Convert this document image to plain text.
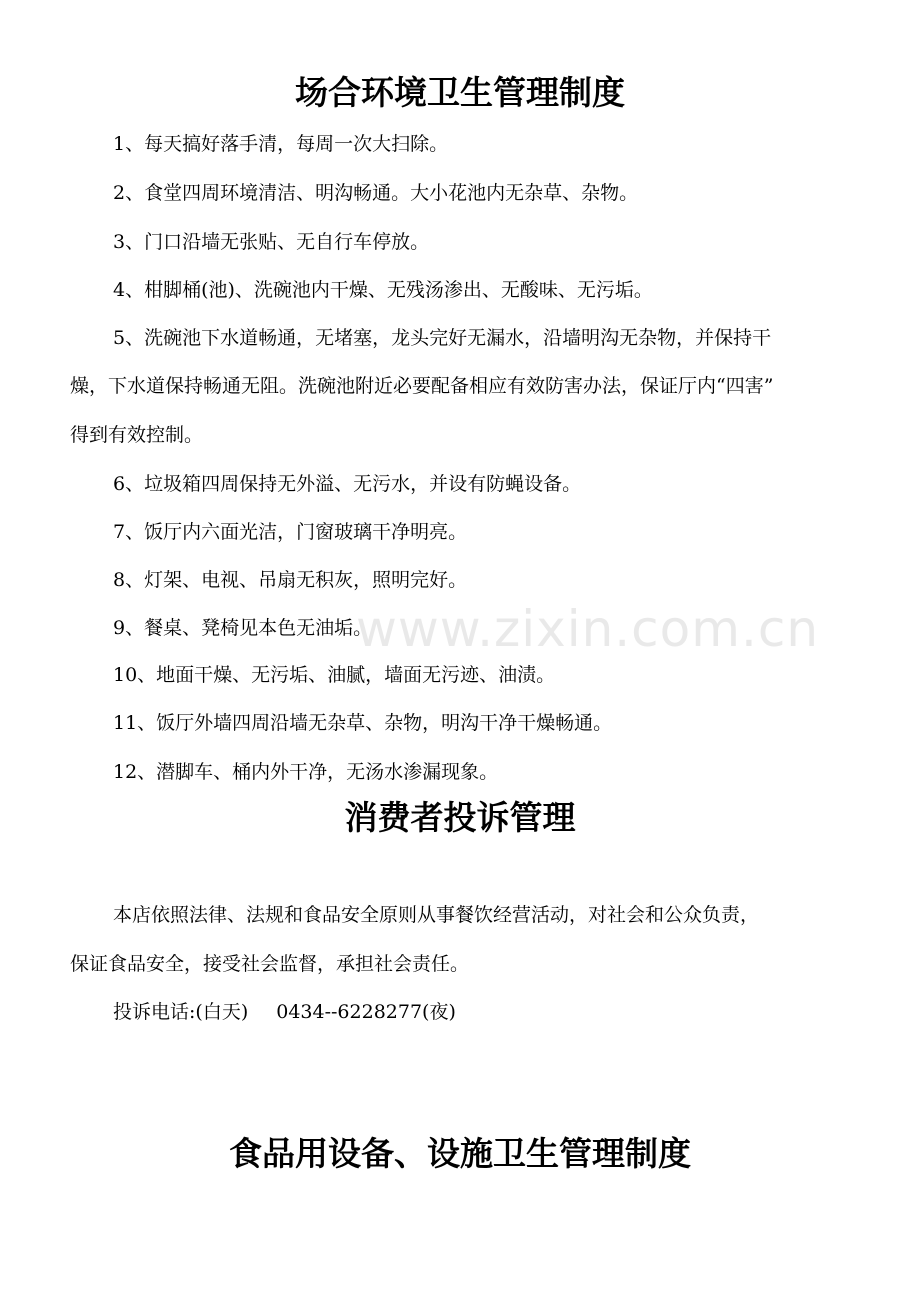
www.zixin.com.cn
场合环境卫生管理制度
1、每天搞好落手清，每周一次大扫除。
2、食堂四周环境清洁、明沟畅通。大小花池内无杂草、杂物。
3、门口沿墙无张贴、无自行车停放。
4、柑脚桶(池)、洗碗池内干燥、无残汤渗出、无酸味、无污垢。
5、洗碗池下水道畅通，无堵塞，龙头完好无漏水，沿墙明沟无杂物，并保持干
燥，下水道保持畅通无阻。洗碗池附近必要配备相应有效防害办法，保证厅内“四害”
得到有效控制。
6、垃圾箱四周保持无外溢、无污水，并设有防蝇设备。
7、饭厅内六面光洁，门窗玻璃干净明亮。
8、灯架、电视、吊扇无积灰，照明完好。
9、餐桌、凳椅见本色无油垢。
10、地面干燥、无污垢、油腻，墙面无污迹、油渍。
11、饭厅外墙四周沿墙无杂草、杂物，明沟干净干燥畅通。
12、潜脚车、桶内外干净，无汤水渗漏现象。
消费者投诉管理
本店依照法律、法规和食品安全原则从事餐饮经营活动，对社会和公众负责，
保证食品安全，接受社会监督，承担社会责任。
投诉电话:(白天) 0434--6228277(夜)
食品用设备、设施卫生管理制度
